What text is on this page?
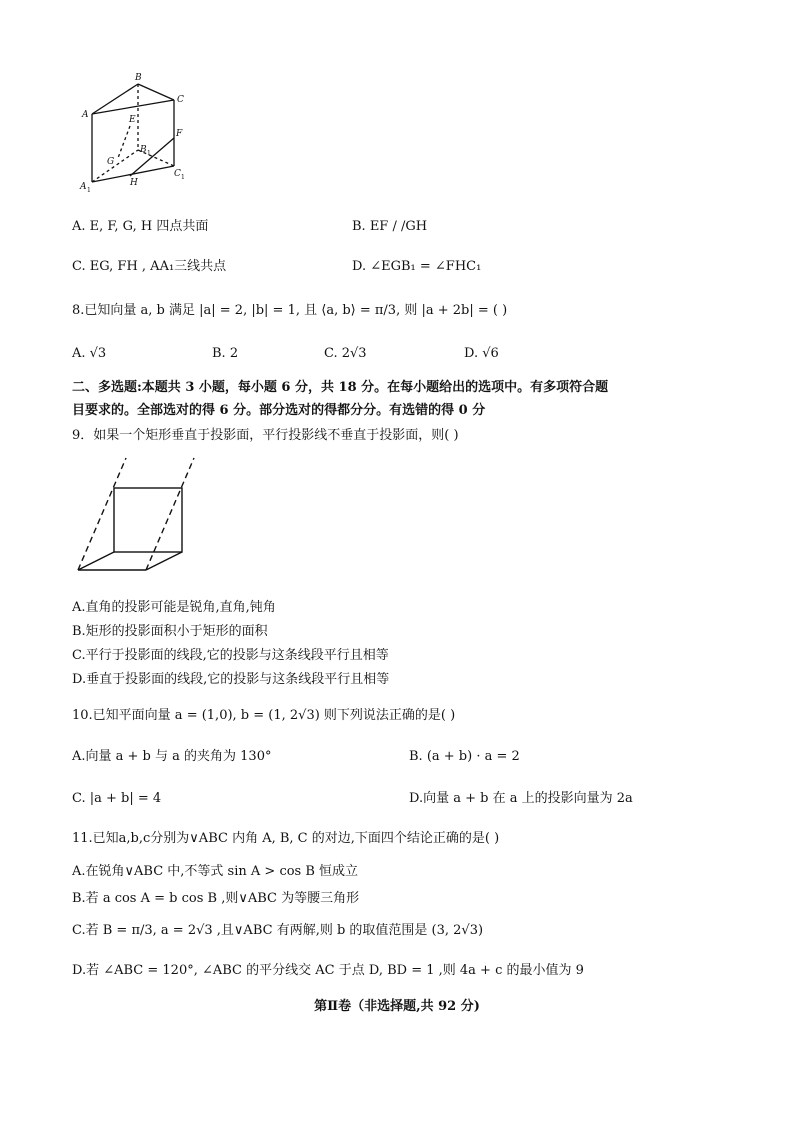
A
B
C
E
F
G
B 1
A 1
H
C 1
A. E, F, G, H 四点共面	B. EF / /GH
C. EG, FH , AA₁三线共点	D. ∠EGB₁ = ∠FHC₁
8.已知向量 a, b 满足 |a| = 2, |b| = 1, 且 ⟨a, b⟩ = π/3, 则 |a + 2b| = ( )
A. √3	B. 2	C. 2√3	D. √6
二、多选题:本题共 3 小题，每小题 6 分，共 18 分。在每小题给出的选项中。有多项符合题
目要求的。全部选对的得 6 分。部分选对的得都分分。有选错的得 0 分
9．如果一个矩形垂直于投影面，平行投影线不垂直于投影面，则( )
A.直角的投影可能是锐角,直角,钝角
B.矩形的投影面积小于矩形的面积
C.平行于投影面的线段,它的投影与这条线段平行且相等
D.垂直于投影面的线段,它的投影与这条线段平行且相等
10.已知平面向量 a = (1,0), b = (1, 2√3) 则下列说法正确的是( )
A.向量 a + b 与 a 的夹角为 130°	B. (a + b) · a = 2
C. |a + b| = 4	D.向量 a + b 在 a 上的投影向量为 2a
11.已知a,b,c分别为∨ABC 内角 A, B, C 的对边,下面四个结论正确的是( )
A.在锐角∨ABC 中,不等式 sin A > cos B 恒成立
B.若 a cos A = b cos B ,则∨ABC 为等腰三角形
C.若 B = π/3, a = 2√3 ,且∨ABC 有两解,则 b 的取值范围是 (3, 2√3)
D.若 ∠ABC = 120°, ∠ABC 的平分线交 AC 于点 D, BD = 1 ,则 4a + c 的最小值为 9
第Ⅱ卷（非选择题,共 92 分)
